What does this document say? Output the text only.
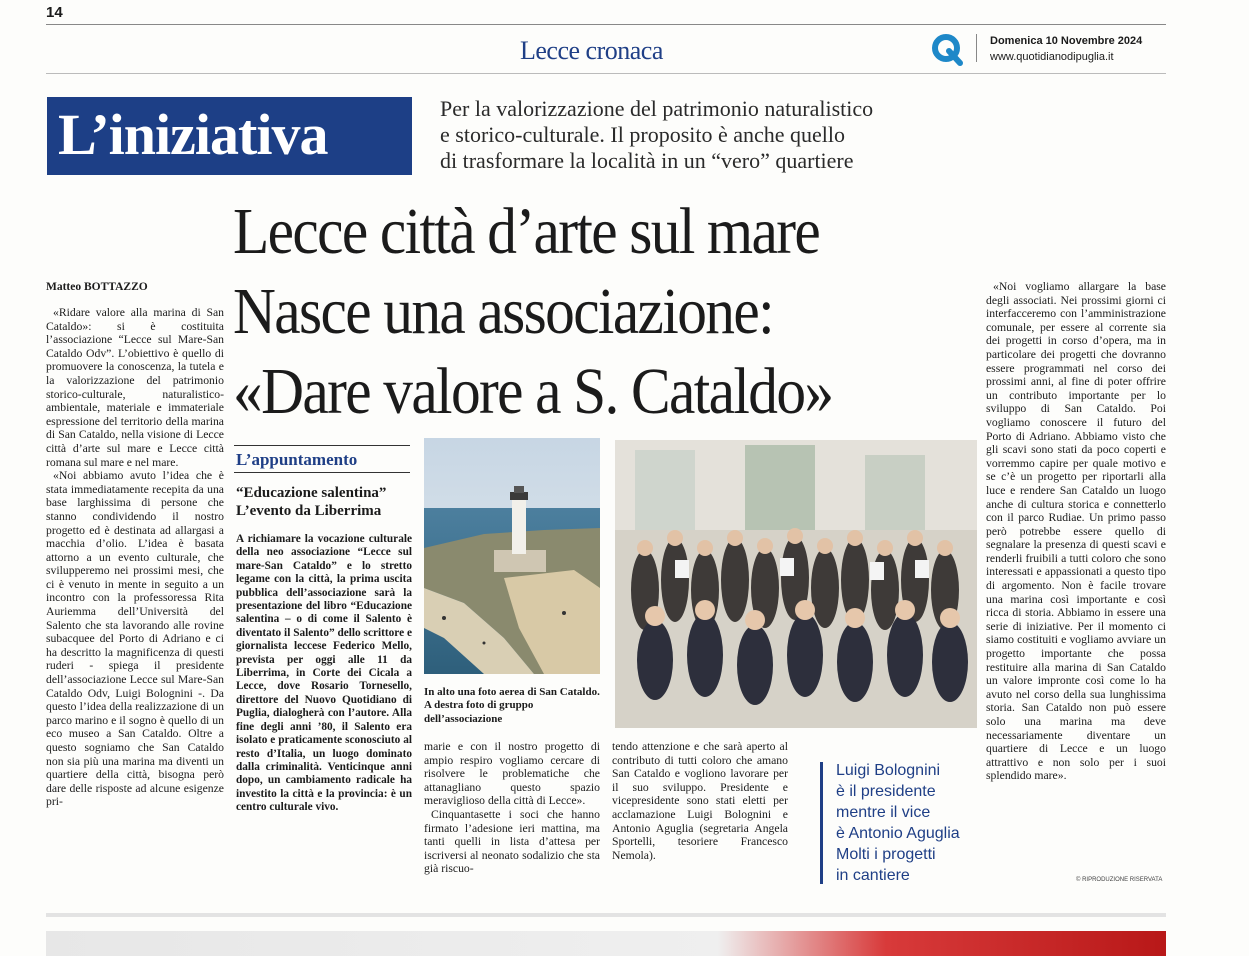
14
Lecce cronaca	Domenica 10 Novembre 2024
www.quotidianodipuglia.it
L’iniziativa	Per la valorizzazione del patrimonio naturalistico
e storico-culturale. Il proposito è anche quello
di trasformare la località in un “vero” quartiere
Lecce città d’arte sul mare
Nasce una associazione:
«Dare valore a S. Cataldo»
Matteo BOTTAZZO

«Ridare valore alla marina di San Cataldo»: si è costituita l’associazione “Lecce sul Mare-San Cataldo Odv”. L’obiettivo è quello di promuovere la conoscenza, la tutela e la valorizzazione del patrimonio storico-culturale, naturalistico-ambientale, materiale e immateriale espressione del territorio della marina di San Cataldo, nella visione di Lecce città d’arte sul mare e Lecce città romana sul mare e nel mare.

«Noi abbiamo avuto l’idea che è stata immediatamente recepita da una base larghissima di persone che stanno condividendo il nostro progetto ed è destinata ad allargasi a macchia d’olio. L’idea è basata attorno a un evento culturale, che svilupperemo nei prossimi mesi, che ci è venuto in mente in seguito a un incontro con la professoressa Rita Auriemma dell’Università del Salento che sta lavorando alle rovine subacquee del Porto di Adriano e ci ha descritto la magnificenza di questi ruderi - spiega il presidente dell’associazione Lecce sul Mare-San Cataldo Odv, Luigi Bolognini -. Da questo l’idea della realizzazione di un parco marino e il sogno è quello di un eco museo a San Cataldo. Oltre a questo sogniamo che San Cataldo non sia più una marina ma diventi un quartiere della città, bisogna però dare delle risposte ad alcune esigenze pri-

L’appuntamento
“Educazione salentina” L’evento da Liberrima
A richiamare la vocazione culturale della neo associazione “Lecce sul mare-San Cataldo” e lo stretto legame con la città, la prima uscita pubblica dell’associazione sarà la presentazione del libro “Educazione salentina – o di come il Salento è diventato il Salento” dello scrittore e giornalista leccese Federico Mello, prevista per oggi alle 11 da Liberrima, in Corte dei Cicala a Lecce, dove Rosario Tornesello, direttore del Nuovo Quotidiano di Puglia, dialogherà con l’autore. Alla fine degli anni ’80, il Salento era isolato e praticamente sconosciuto al resto d’Italia, un luogo dominato dalla criminalità. Venticinque anni dopo, un cambiamento radicale ha investito la città e la provincia: è un centro culturale vivo.
In alto una foto aerea di San Cataldo. A destra foto di gruppo dell’associazione
marie e con il nostro progetto di ampio respiro vogliamo cercare di risolvere le problematiche che attanagliano questo spazio meraviglioso della città di Lecce».
Cinquantasette i soci che hanno firmato l’adesione ieri mattina, ma tanti quelli in lista d’attesa per iscriversi al neonato sodalizio che sta già riscuo-
tendo attenzione e che sarà aperto al contributo di tutti coloro che amano San Cataldo e vogliono lavorare per il suo sviluppo. Presidente e vicepresidente sono stati eletti per acclamazione Luigi Bolognini e Antonio Aguglia (segretaria Angela Sportelli, tesoriere Francesco Nemola).
Luigi Bolognini
è il presidente
mentre il vice
è Antonio Aguglia
Molti i progetti
in cantiere
«Noi vogliamo allargare la base degli associati. Nei prossimi giorni ci interfacceremo con l’amministrazione comunale, per essere al corrente sia dei progetti in corso d’opera, ma in particolare dei progetti che dovranno essere programmati nel corso dei prossimi anni, al fine di poter offrire un contributo importante per lo sviluppo di San Cataldo. Poi vogliamo conoscere il futuro del Porto di Adriano. Abbiamo visto che gli scavi sono stati da poco coperti e vorremmo capire per quale motivo e se c’è un progetto per riportarli alla luce e rendere San Cataldo un luogo anche di cultura storica e connetterlo con il parco Rudiae. Un primo passo però potrebbe essere quello di segnalare la presenza di questi scavi e renderli fruibili a tutti coloro che sono interessati e appassionati a questo tipo di argomento. Non è facile trovare una marina così importante e così ricca di storia. Abbiamo in essere una serie di iniziative. Per il momento ci siamo costituiti e vogliamo avviare un progetto importante che possa restituire alla marina di San Cataldo un valore impronte così come lo ha avuto nel corso della sua lunghissima storia. San Cataldo non può essere solo una marina ma deve necessariamente diventare un quartiere di Lecce e un luogo attrattivo e non solo per i suoi splendido mare».
© RIPRODUZIONE RISERVATA
